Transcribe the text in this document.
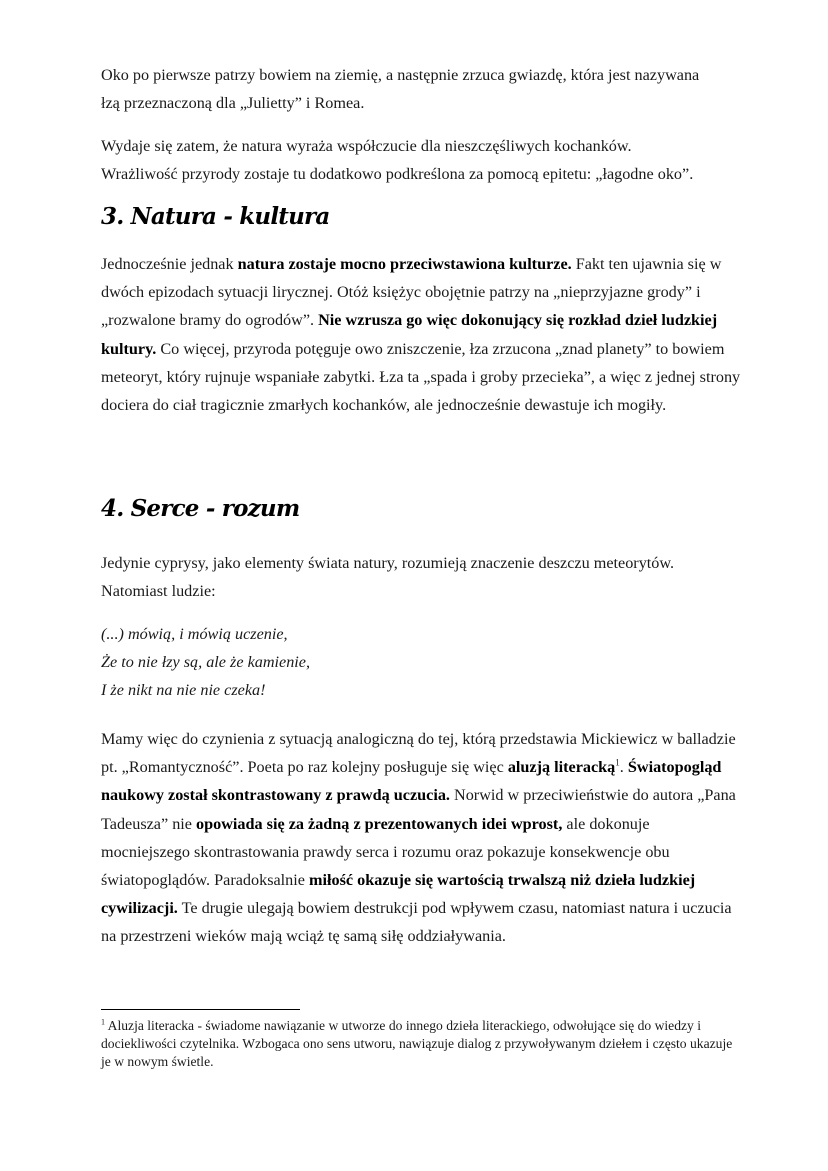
Oko po pierwsze patrzy bowiem na ziemię, a następnie zrzuca gwiazdę, która jest nazywana
łzą przeznaczoną dla „Julietty” i Romea.

Wydaje się zatem, że natura wyraża współczucie dla nieszczęśliwych kochanków.
Wrażliwość przyrody zostaje tu dodatkowo podkreślona za pomocą epitetu: „łagodne oko”.

3. Natura - kultura

Jednocześnie jednak natura zostaje mocno przeciwstawiona kulturze. Fakt ten ujawnia się w dwóch epizodach sytuacji lirycznej. Otóż księżyc obojętnie patrzy na „nieprzyjazne grody” i „rozwalone bramy do ogrodów”. Nie wzrusza go więc dokonujący się rozkład dzieł ludzkiej kultury. Co więcej, przyroda potęguje owo zniszczenie, łza zrzucona „znad planety” to bowiem meteoryt, który rujnuje wspaniałe zabytki. Łza ta „spada i groby przecieka”, a więc z jednej strony dociera do ciał tragicznie zmarłych kochanków, ale jednocześnie dewastuje ich mogiły.

4. Serce - rozum

Jedynie cyprysy, jako elementy świata natury, rozumieją znaczenie deszczu meteorytów. Natomiast ludzie:

(...) mówią, i mówią uczenie,
Że to nie łzy są, ale że kamienie,
I że nikt na nie nie czeka!

Mamy więc do czynienia z sytuacją analogiczną do tej, którą przedstawia Mickiewicz w balladzie pt. „Romantyczność”. Poeta po raz kolejny posługuje się więc aluzją literacką$^1$. Światopogląd naukowy został skontrastowany z prawdą uczucia. Norwid w przeciwieństwie do autora „Pana Tadeusza” nie opowiada się za żadną z prezentowanych idei wprost, ale dokonuje mocniejszego skontrastowania prawdy serca i rozumu oraz pokazuje konsekwencje obu światopoglądów. Paradoksalnie miłość okazuje się wartością trwalszą niż dzieła ludzkiej cywilizacji. Te drugie ulegają bowiem destrukcji pod wpływem czasu, natomiast natura i uczucia na przestrzeni wieków mają wciąż tę samą siłę oddziaływania.

$^1$ Aluzja literacka - świadome nawiązanie w utworze do innego dzieła literackiego, odwołujące się do wiedzy i dociekliwości czytelnika. Wzbogaca ono sens utworu, nawiązuje dialog z przywoływanym dziełem i często ukazuje je w nowym świetle.
